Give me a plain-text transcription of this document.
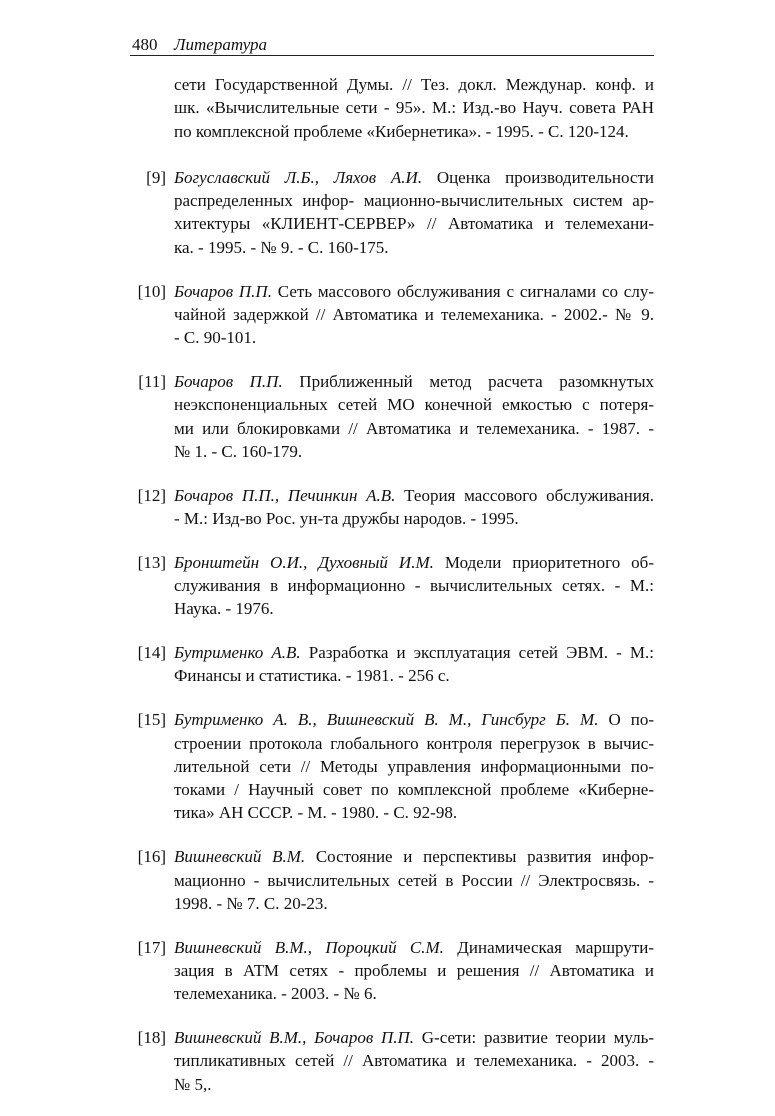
480 Литература
сети Государственной Думы. // Тез. докл. Междунар. конф. и
шк. «Вычислительные сети - 95». М.: Изд.-во Науч. совета РАН
по комплексной проблеме «Кибернетика». - 1995. - С. 120-124.
[9] Богуславский Л.Б., Ляхов А.И. Оценка производительности
распределенных инфор- мационно-вычислительных систем ар-
хитектуры «КЛИЕНТ-СЕРВЕР» // Автоматика и телемехани-
ка. - 1995. - № 9. - С. 160-175.
[10] Бочаров П.П. Сеть массового обслуживания с сигналами со слу-
чайной задержкой // Автоматика и телемеханика. - 2002.- № 9.
- С. 90-101.
[11] Бочаров П.П. Приближенный метод расчета разомкнутых
неэкспоненциальных сетей МО конечной емкостью с потеря-
ми или блокировками // Автоматика и телемеханика. - 1987. -
№ 1. - С. 160-179.
[12] Бочаров П.П., Печинкин А.В. Теория массового обслуживания.
- М.: Изд-во Рос. ун-та дружбы народов. - 1995.
[13] Бронштейн О.И., Духовный И.М. Модели приоритетного об-
служивания в информационно - вычислительных сетях. - М.:
Наука. - 1976.
[14] Бутрименко А.В. Разработка и эксплуатация сетей ЭВМ. - М.:
Финансы и статистика. - 1981. - 256 с.
[15] Бутрименко А. В., Вишневский В. М., Гинсбург Б. М. О по-
строении протокола глобального контроля перегрузок в вычис-
лительной сети // Методы управления информационными по-
токами / Научный совет по комплексной проблеме «Киберне-
тика» АН СССР. - М. - 1980. - С. 92-98.
[16] Вишневский В.М. Состояние и перспективы развития инфор-
мационно - вычислительных сетей в России // Электросвязь. -
1998. - № 7. С. 20-23.
[17] Вишневский В.М., Пороцкий С.М. Динамическая маршрути-
зация в АТМ сетях - проблемы и решения // Автоматика и
телемеханика. - 2003. - № 6.
[18] Вишневский В.М., Бочаров П.П. G-сети: развитие теории муль-
типликативных сетей // Автоматика и телемеханика. - 2003. -
№ 5,.
